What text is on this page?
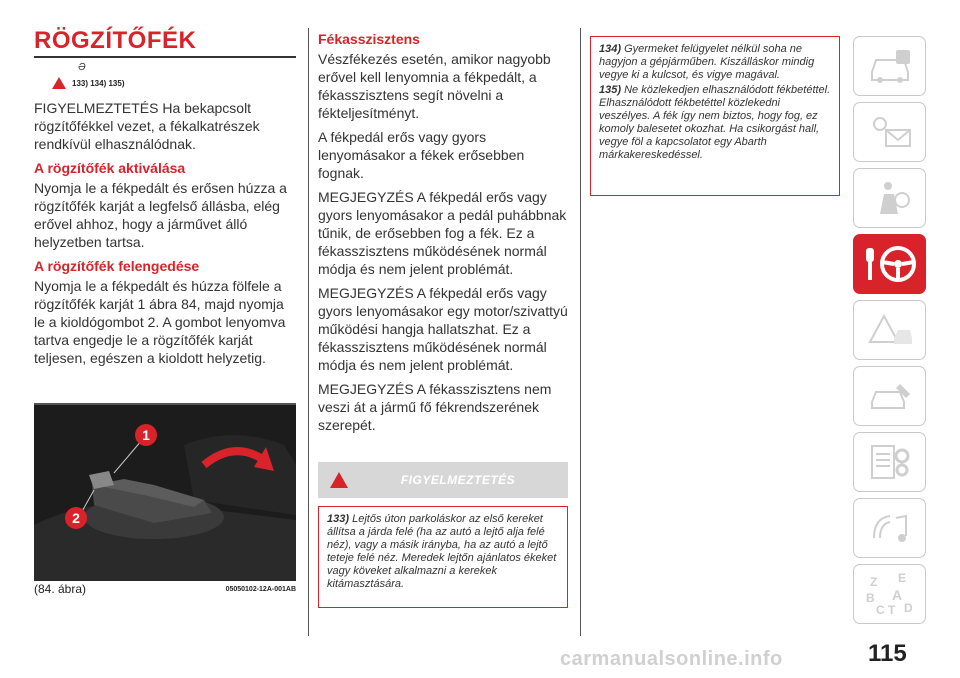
RÖGZÍTŐFÉK
Ə
133) 134) 135)
FIGYELMEZTETÉS Ha bekapcsolt rögzítőfékkel vezet, a fékalkatrészek rendkívül elhasználódnak.
A rögzítőfék aktiválása
Nyomja le a fékpedált és erősen húzza a rögzítőfék karját a legfelső állásba, elég erővel ahhoz, hogy a járművet álló helyzetben tartsa.
A rögzítőfék felengedése
Nyomja le a fékpedált és húzza fölfele a rögzítőfék karját 1 ábra 84, majd nyomja le a kioldógombot 2. A gombot lenyomva tartva engedje le a rögzítőfék karját teljesen, egészen a kioldott helyzetig.
1
2
(84. ábra)	05050102-12A-001AB
Fékasszisztens
Vészfékezés esetén, amikor nagyobb erővel kell lenyomnia a fékpedált, a fékasszisztens segít növelni a fékteljesítményt.
A fékpedál erős vagy gyors lenyomásakor a fékek erősebben fognak.
MEGJEGYZÉS A fékpedál erős vagy gyors lenyomásakor a pedál puhábbnak tűnik, de erősebben fog a fék. Ez a fékasszisztens működésének normál módja és nem jelent problémát.
MEGJEGYZÉS A fékpedál erős vagy gyors lenyomásakor egy motor/szivattyú működési hangja hallatszhat. Ez a fékasszisztens működésének normál módja és nem jelent problémát.
MEGJEGYZÉS A fékasszisztens nem veszi át a jármű fő fékrendszerének szerepét.
FIGYELMEZTETÉS
133) Lejtős úton parkoláskor az első kereket állítsa a járda felé (ha az autó a lejtő alja felé néz), vagy a másik irányba, ha az autó a lejtő teteje felé néz. Meredek lejtőn ajánlatos ékeket vagy köveket alkalmazni a kerekek kitámasztására.
134) Gyermeket felügyelet nélkül soha ne hagyjon a gépjárműben. Kiszálláskor mindig vegye ki a kulcsot, és vigye magával.
135) Ne közlekedjen elhasználódott fékbetéttel. Elhasználódott fékbetéttel közlekedni veszélyes. A fék így nem biztos, hogy fog, ez komoly balesetet okozhat. Ha csikorgást hall, vegye föl a kapcsolatot egy Abarth márkakereskedéssel.
Z E
B A
C T D
carmanualsonline.info	115
